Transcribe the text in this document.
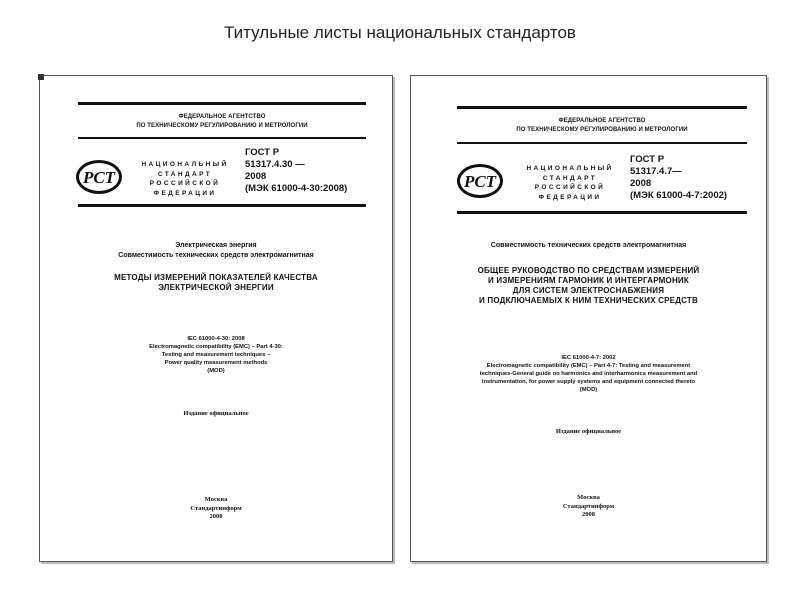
Титульные листы национальных стандартов
ФЕДЕРАЛЬНОЕ АГЕНТСТВО
ПО ТЕХНИЧЕСКОМУ РЕГУЛИРОВАНИЮ И МЕТРОЛОГИИ
РСТ
НАЦИОНАЛЬНЫЙ
СТАНДАРТ
РОССИЙСКОЙ
ФЕДЕРАЦИИ
ГОСТ Р
51317.4.30 —
2008
(МЭК 61000-4-30:2008)
Электрическая энергия
Совместимость технических средств электромагнитная
МЕТОДЫ ИЗМЕРЕНИЙ ПОКАЗАТЕЛЕЙ КАЧЕСТВА
ЭЛЕКТРИЧЕСКОЙ ЭНЕРГИИ
IEC 61000-4-30: 2008
Electromagnetic compatibility (EMC) – Part 4-30:
Testing and measurement techniques –
Power quality measurement methods
(MOD)
Издание официальное
Москва
Стандартинформ
2008
ФЕДЕРАЛЬНОЕ АГЕНТСТВО
ПО ТЕХНИЧЕСКОМУ РЕГУЛИРОВАНИЮ И МЕТРОЛОГИИ
РСТ
НАЦИОНАЛЬНЫЙ
СТАНДАРТ
РОССИЙСКОЙ
ФЕДЕРАЦИИ
ГОСТ Р
51317.4.7—
2008
(МЭК 61000-4-7:2002)
Совместимость технических средств электромагнитная
ОБЩЕЕ РУКОВОДСТВО ПО СРЕДСТВАМ ИЗМЕРЕНИЙ
И ИЗМЕРЕНИЯМ ГАРМОНИК И ИНТЕРГАРМОНИК
ДЛЯ СИСТЕМ ЭЛЕКТРОСНАБЖЕНИЯ
И ПОДКЛЮЧАЕМЫХ К НИМ ТЕХНИЧЕСКИХ СРЕДСТВ
IEC 61000-4-7: 2002
Electromagnetic compatibility (EMC) – Part 4-7: Testing and measurement
techniques-General guide on harmonics and interharmonics measurement and
instrumentation, for power supply systems and equipment connected thereto
(MOD)
Издание официальное
Москва
Стандартинформ
2008
